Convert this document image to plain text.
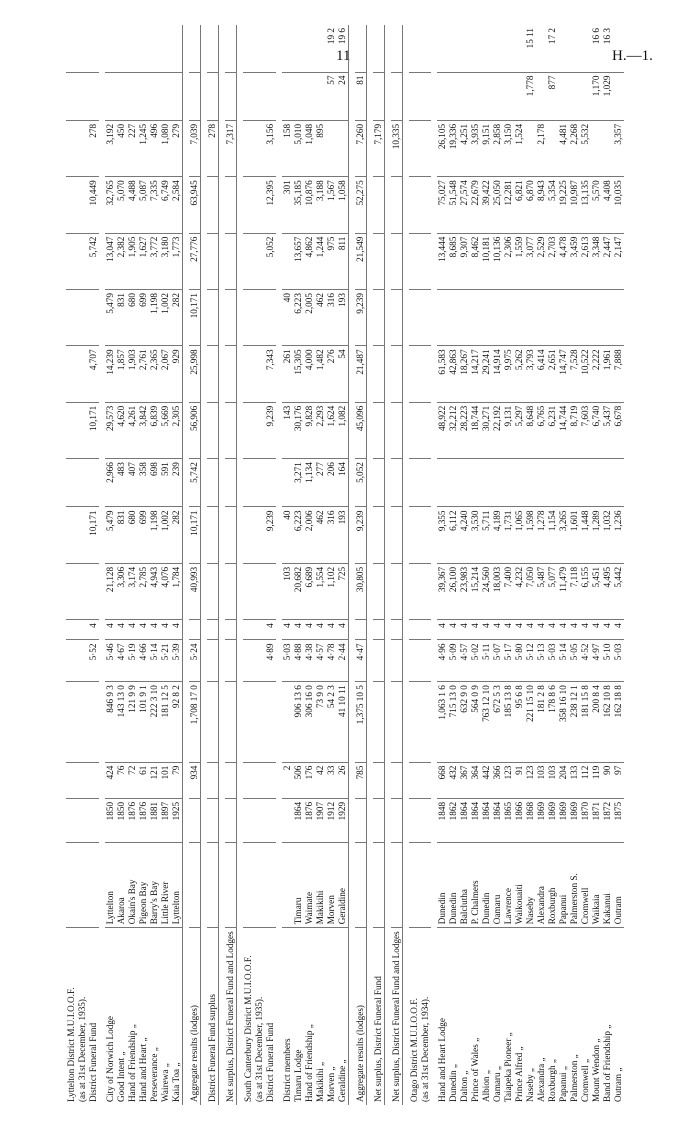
11	H.—1.

Lyttelton District M.U.I.O.O.F.																	
(as at 31st December, 1935).																	
District Funeral Fund					5·52	4		10,171		10,171	4,707		5,742	10,449	278		

City of Norwich Lodge	Lyttelton	1850	424	846 9 3	5·46	4	21,128	5,479	2,966	29,573	14,239	5,479	13,047	32,765	3,192		
Good Intent „	Akaroa	1850	76	143 13 0	4·67	4	3,306	831	483	4,620	1,857	831	2,382	5,070	450		
Hand of Friendship „	Okain's Bay	1876	72	121 9 9	5·19	4	3,174	680	407	4,261	1,903	680	1,905	4,488	227		
Hand and Heart „	Pigeon Bay	1876	61	101 9 1	4·66	4	2,785	699	358	3,842	2,761	699	1,627	5,087	1,245		
Perseverance „	Barry's Bay	1881	121	222 3 10	5·14	4	4,943	1,198	698	6,839	2,365	1,198	3,772	7,335	496		
Wairewa „	Little River	1897	101	181 12 5	5·21	4	4,076	1,002	591	5,669	2,067	1,002	3,180	6,749	1,080		
Kaia Toa „	Lyttelton	1925	79	92 8 2	5·39	4	1,784	282	239	2,305	929	282	1,773	2,584	279		

Aggregate results (lodges)			934	1,708 17 0	5·24		40,993	10,171	5,742	56,906	25,998	10,171	27,776	63,945	7,039		

District Funeral Fund surplus															278		

Net surplus, District Funeral Fund and Lodges															7,317		

South Canterbury District M.U.I.O.O.F.																	
(as at 31st December, 1935).																	
District Funeral Fund					4·89	4		9,239		9,239	7,343		5,052	12,395	3,156		

District members			2		5·03	4	103	40		143	261	40		301	158		
Timaru Lodge	Timaru	1864	506	906 13 6	4·88	4	20,682	6,223	3,271	30,176	15,305	6,223	13,657	35,185	5,010		
Hand of Friendship „	Waimate	1876	176	306 16 0	4·38	4	6,689	2,006	1,134	9,828	4,000	2,005	4,862	10,876	1,048		
Makikihi „	Makikihi	1907	42	73 9 0	4·57	4	1,554	462	277	2,293	1,482	462	1,244	3,188	895		
Morven „	Morven	1912	33	54 2 3	4·78	4	1,102	316	206	1,624	276	316	975	1,567		57	19 2
Geraldine „	Geraldine	1929	26	41 10 11	2·44	4	725	193	164	1,082	54	193	811	1,058		24	19 6

Aggregate results (lodges)			785	1,375 10 5	4·47		30,805	9,239	5,052	45,096	21,487	9,239	21,549	52,275	7,260	81	

Net surplus, District Funeral Fund															7,179		

Net surplus, District Funeral Fund and Lodges															10,335		

Otago District M.U.I.O.O.F.																	
(as at 31st December, 1934).																	

Hand and Heart Lodge	Dunedin	1848	668	1,063 1 6	4·96	4	39,367	9,355		48,922	61,583		13,444	75,027	26,105		
Dunedin „	Dunedin	1862	432	715 13 0	5·09	4	26,100	6,112		32,212	42,863		8,685	51,548	19,336		
Dalton „	Balclutha	1864	367	632 9 0	4·57	4	23,983	4,240		28,223	18,267		9,307	27,574	4,251		
Prince of Wales „	P. Chalmers	1864	364	564 0 9	5·02	4	15,214	3,530		18,744	14,217		8,462	22,679	3,935		
Albion „	Dunedin	1864	442	763 12 10	5·11	4	24,560	5,711		30,271	29,241		10,181	39,422	9,151		
Oamaru „	Oamaru	1864	366	672 5 3	5·07	4	18,003	4,189		22,192	14,914		10,136	25,050	2,858		
Taiapeka Pioneer „	Lawrence	1865	123	185 13 8	5·17	4	7,400	1,731		9,131	9,975		2,306	12,281	3,150		
Prince Alfred „	Waikouaiti	1866	91	95 6 8	5·80	4	4,232	1,065		5,297	5,262		1,559	6,821	1,524		
Naseby „	Naseby	1868	123	221 15 10	5·12	4	7,050	1,598		8,648	3,793		3,077	6,870		1,778	15 11
Alexandra „	Alexandra	1869	103	181 2 8	5·13	4	5,487	1,278		6,765	6,414		2,529	8,943	2,178		
Roxburgh „	Roxburgh	1869	103	178 8 6	5·03	4	5,077	1,154		6,231	2,651		2,703	5,354		877	17 2
Papanui „	Papanui	1869	204	358 16 10	5·14	4	11,479	3,265		14,744	14,747		4,478	19,225	4,481		
Palmerston „	Palmerston S.	1869	133	238 12 1	5·05	4	7,118	1,601		8,719	7,528		3,459	10,987	2,268		
Cromwell „	Cromwell	1870	112	181 15 8	4·52	4	6,155	1,448		7,603	10,522		2,613	13,135	5,532		
Mount Wendon „	Waikaia	1871	119	200 8 4	4·97	4	5,451	1,289		6,740	2,222		3,348	5,570		1,170	16 6
Band of Friendship „	Kakanui	1872	90	162 10 8	5·10	4	4,495	1,032		5,437	1,961		2,447	4,408		1,029	16 3
Outram „	Outram	1875	97	162 18 8	5·03	4	5,442	1,236		6,678	7,888		2,147	10,035	3,357		
